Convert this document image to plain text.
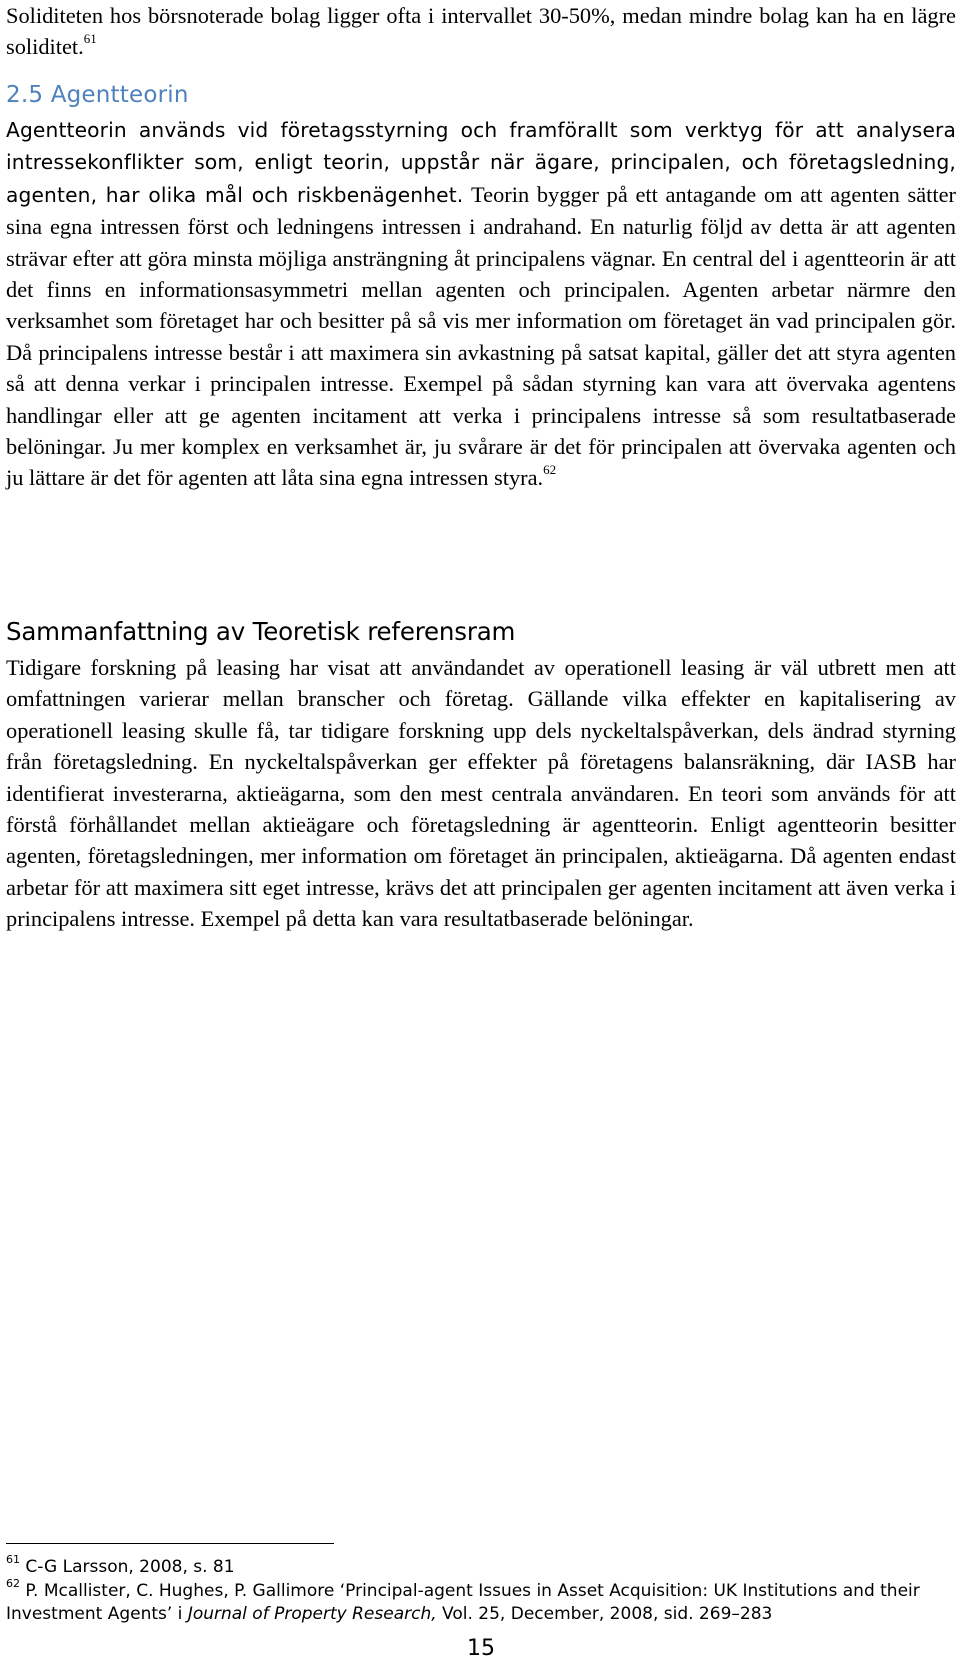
Soliditeten hos börsnoterade bolag ligger ofta i intervallet 30-50%, medan mindre bolag kan ha en lägre soliditet.$^{61}$

2.5 Agentteorin

Agentteorin används vid företagsstyrning och framförallt som verktyg för att analysera intressekonflikter som, enligt teorin, uppstår när ägare, principalen, och företagsledning, agenten, har olika mål och riskbenägenhet. Teorin bygger på ett antagande om att agenten sätter sina egna intressen först och ledningens intressen i andrahand. En naturlig följd av detta är att agenten strävar efter att göra minsta möjliga ansträngning åt principalens vägnar. En central del i agentteorin är att det finns en informationsasymmetri mellan agenten och principalen. Agenten arbetar närmre den verksamhet som företaget har och besitter på så vis mer information om företaget än vad principalen gör. Då principalens intresse består i att maximera sin avkastning på satsat kapital, gäller det att styra agenten så att denna verkar i principalen intresse. Exempel på sådan styrning kan vara att övervaka agentens handlingar eller att ge agenten incitament att verka i principalens intresse så som resultatbaserade belöningar. Ju mer komplex en verksamhet är, ju svårare är det för principalen att övervaka agenten och ju lättare är det för agenten att låta sina egna intressen styra.$^{62}$

Sammanfattning av Teoretisk referensram

Tidigare forskning på leasing har visat att användandet av operationell leasing är väl utbrett men att omfattningen varierar mellan branscher och företag. Gällande vilka effekter en kapitalisering av operationell leasing skulle få, tar tidigare forskning upp dels nyckeltalspåverkan, dels ändrad styrning från företagsledning. En nyckeltalspåverkan ger effekter på företagens balansräkning, där IASB har identifierat investerarna, aktieägarna, som den mest centrala användaren. En teori som används för att förstå förhållandet mellan aktieägare och företagsledning är agentteorin. Enligt agentteorin besitter agenten, företagsledningen, mer information om företaget än principalen, aktieägarna. Då agenten endast arbetar för att maximera sitt eget intresse, krävs det att principalen ger agenten incitament att även verka i principalens intresse. Exempel på detta kan vara resultatbaserade belöningar.

$^{61}$ C-G Larsson, 2008, s. 81

$^{62}$ P. Mcallister, C. Hughes, P. Gallimore ‘Principal-agent Issues in Asset Acquisition: UK Institutions and their Investment Agents’ i Journal of Property Research, Vol. 25, December, 2008, sid. 269–283

15
